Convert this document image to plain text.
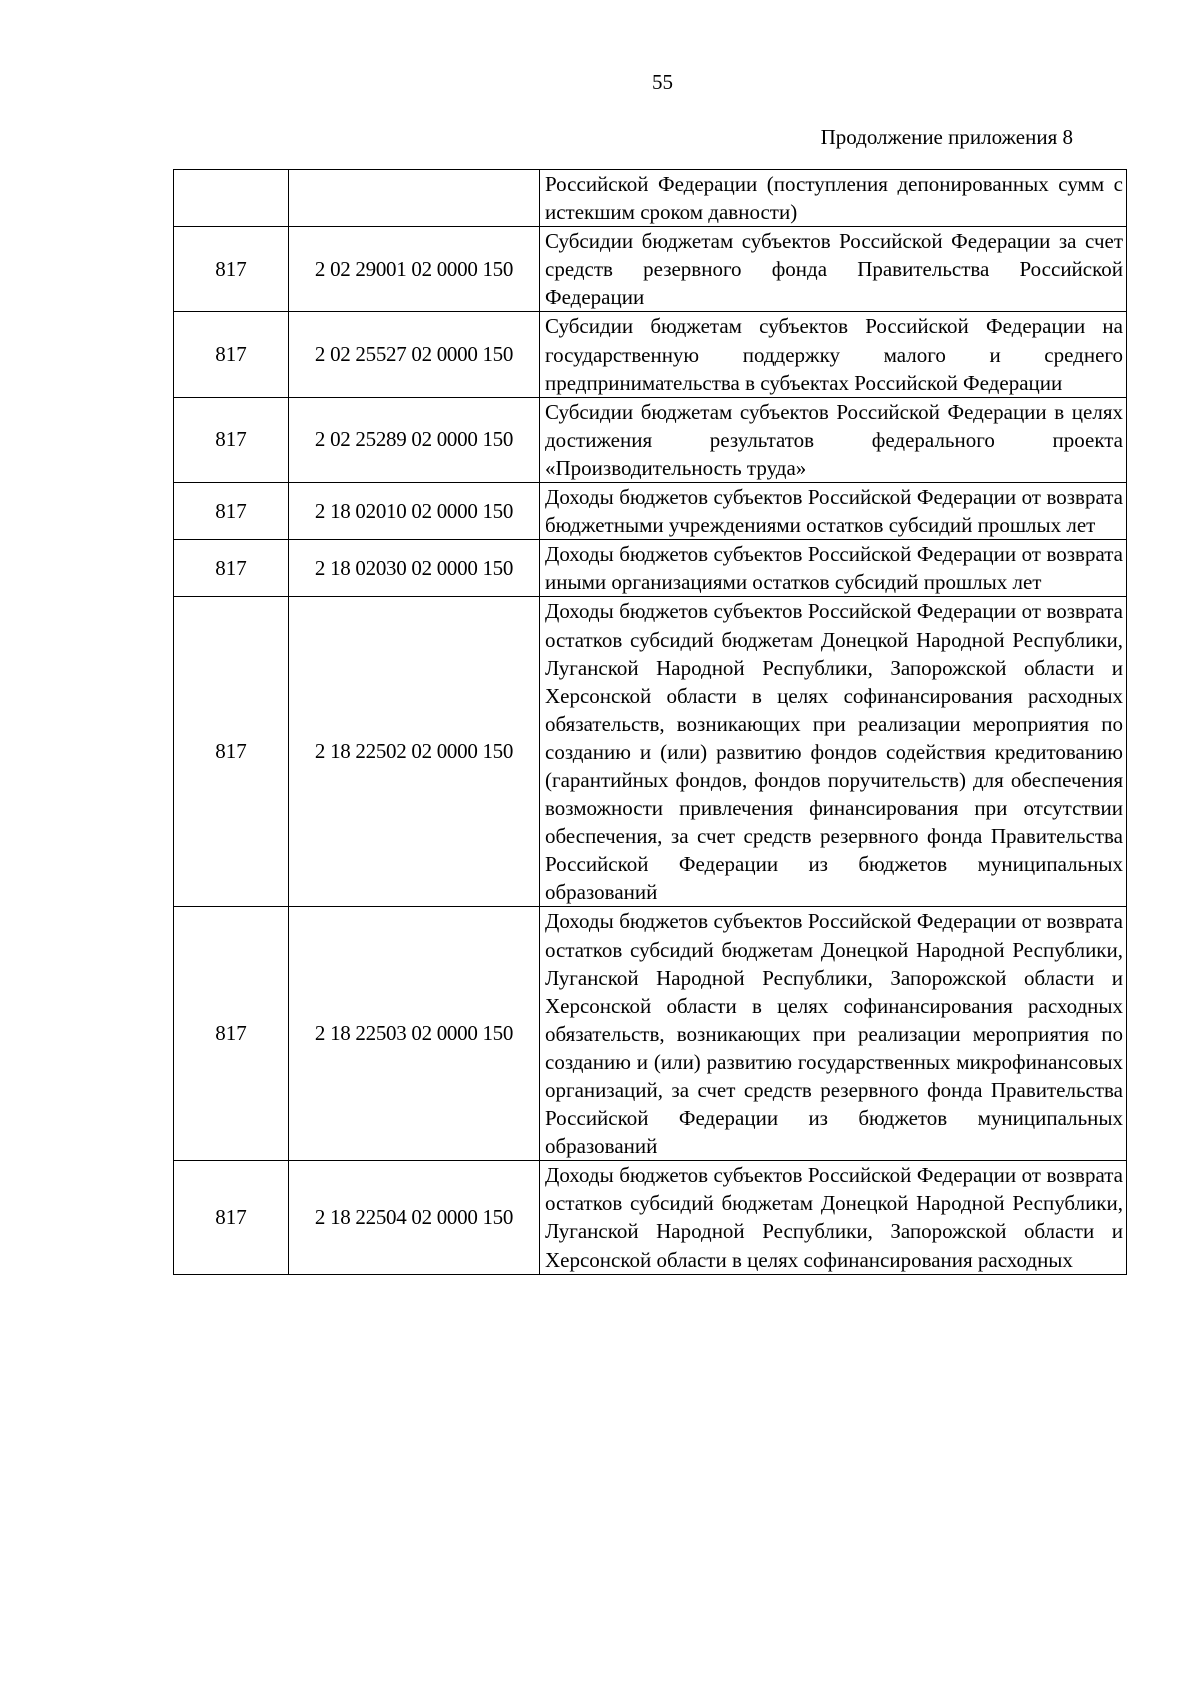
55
Продолжение приложения 8

		Российской Федерации (поступления депонированных сумм с истекшим сроком давности)

817	2 02 29001 02 0000 150	Субсидии бюджетам субъектов Российской Федерации за счет средств резервного фонда Правительства Российской Федерации

817	2 02 25527 02 0000 150	Субсидии бюджетам субъектов Российской Федерации на государственную поддержку малого и среднего предпринимательства в субъектах Российской Федерации

817	2 02 25289 02 0000 150	Субсидии бюджетам субъектов Российской Федерации в целях достижения результатов федерального проекта «Производительность труда»

817	2 18 02010 02 0000 150	Доходы бюджетов субъектов Российской Федерации от возврата бюджетными учреждениями остатков субсидий прошлых лет

817	2 18 02030 02 0000 150	Доходы бюджетов субъектов Российской Федерации от возврата иными организациями остатков субсидий прошлых лет

817	2 18 22502 02 0000 150	Доходы бюджетов субъектов Российской Федерации от возврата остатков субсидий бюджетам Донецкой Народной Республики, Луганской Народной Республики, Запорожской области и Херсонской области в целях софинансирования расходных обязательств, возникающих при реализации мероприятия по созданию и (или) развитию фондов содействия кредитованию (гарантийных фондов, фондов поручительств) для обеспечения возможности привлечения финансирования при отсутствии обеспечения, за счет средств резервного фонда Правительства Российской Федерации из бюджетов муниципальных образований

817	2 18 22503 02 0000 150	Доходы бюджетов субъектов Российской Федерации от возврата остатков субсидий бюджетам Донецкой Народной Республики, Луганской Народной Республики, Запорожской области и Херсонской области в целях софинансирования расходных обязательств, возникающих при реализации мероприятия по созданию и (или) развитию государственных микрофинансовых организаций, за счет средств резервного фонда Правительства Российской Федерации из бюджетов муниципальных образований

817	2 18 22504 02 0000 150	Доходы бюджетов субъектов Российской Федерации от возврата остатков субсидий бюджетам Донецкой Народной Республики, Луганской Народной Республики, Запорожской области и Херсонской области в целях софинансирования расходных
